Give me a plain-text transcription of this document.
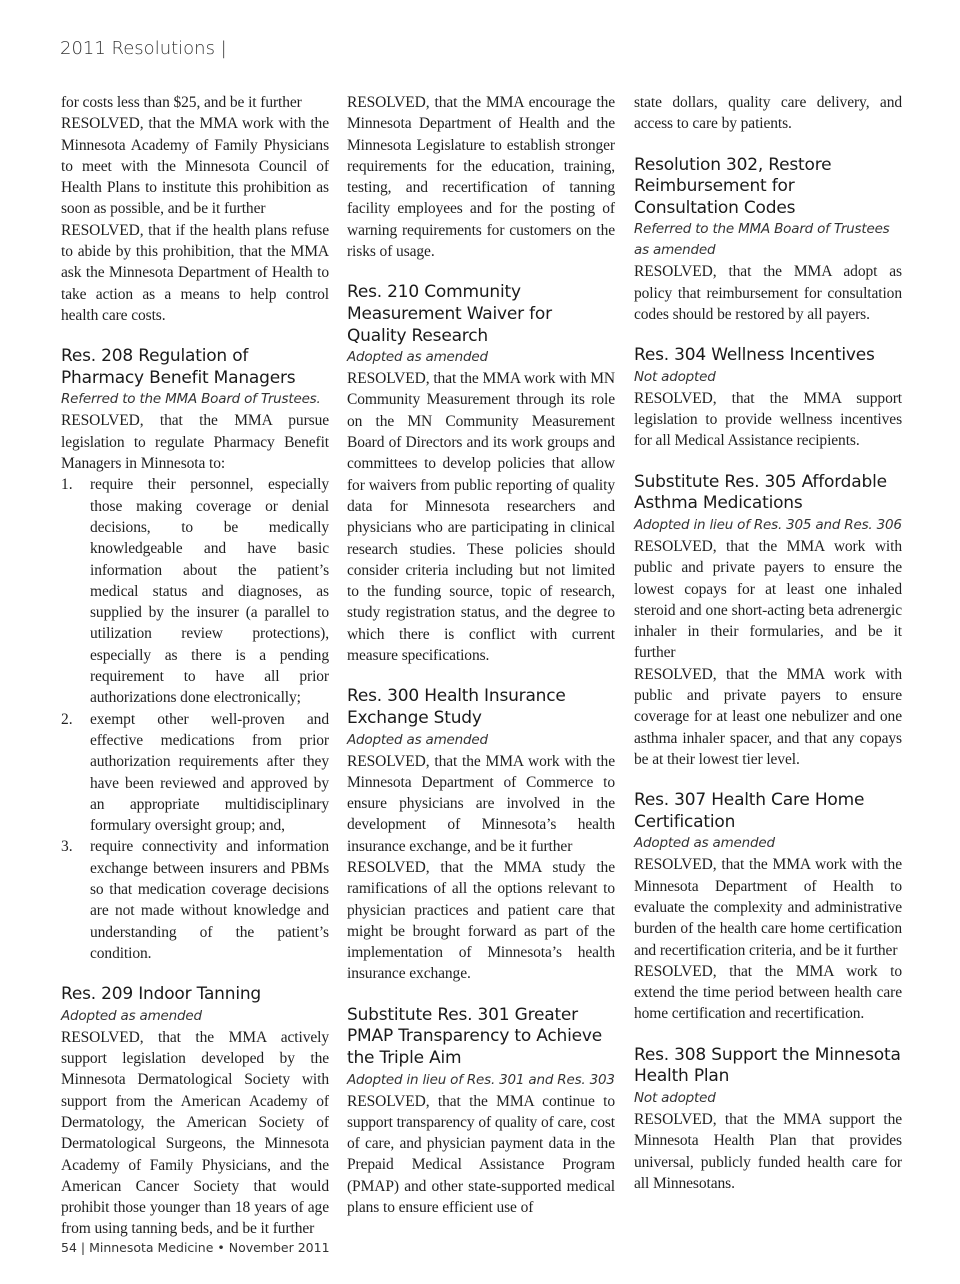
2011 Resolutions |

for costs less than $25, and be it further

RESOLVED, that the MMA work with the Minnesota Academy of Family Physicians to meet with the Minnesota Council of Health Plans to institute this prohibition as soon as possible, and be it further

RESOLVED, that if the health plans refuse to abide by this prohibition, that the MMA ask the Minnesota Department of Health to take action as a means to help control health care costs.

Res. 208 Regulation of Pharmacy Benefit Managers

Referred to the MMA Board of Trustees.

RESOLVED, that the MMA pursue legislation to regulate Pharmacy Benefit Managers in Minnesota to:

1. require their personnel, especially those making coverage or denial decisions, to be medically knowledgeable and have basic information about the patient’s medical status and diagnoses, as supplied by the insurer (a parallel to utilization review protections), especially as there is a pending requirement to have all prior authorizations done electronically;

2. exempt other well-proven and effective medications from prior authorization requirements after they have been reviewed and approved by an appropriate multidisciplinary formulary oversight group; and,

3. require connectivity and information exchange between insurers and PBMs so that medication coverage decisions are not made without knowledge and understanding of the patient’s condition.

Res. 209 Indoor Tanning

Adopted as amended

RESOLVED, that the MMA actively support legislation developed by the Minnesota Dermatological Society with support from the American Academy of Dermatology, the American Society of Dermatological Surgeons, the Minnesota Academy of Family Physicians, and the American Cancer Society that would prohibit those younger than 18 years of age from using tanning beds, and be it further

RESOLVED, that the MMA encourage the Minnesota Department of Health and the Minnesota Legislature to establish stronger requirements for the education, training, testing, and recertification of tanning facility employees and for the posting of warning requirements for customers on the risks of usage.

Res. 210 Community Measurement Waiver for Quality Research

Adopted as amended

RESOLVED, that the MMA work with MN Community Measurement through its role on the MN Community Measurement Board of Directors and its work groups and committees to develop policies that allow for waivers from public reporting of quality data for Minnesota researchers and physicians who are participating in clinical research studies. These policies should consider criteria including but not limited to the funding source, topic of research, study registration status, and the degree to which there is conflict with current measure specifications.

Res. 300 Health Insurance Exchange Study

Adopted as amended

RESOLVED, that the MMA work with the Minnesota Department of Commerce to ensure physicians are involved in the development of Minnesota’s health insurance exchange, and be it further

RESOLVED, that the MMA study the ramifications of all the options relevant to physician practices and patient care that might be brought forward as part of the implementation of Minnesota’s health insurance exchange.

Substitute Res. 301 Greater PMAP Transparency to Achieve the Triple Aim

Adopted in lieu of Res. 301 and Res. 303

RESOLVED, that the MMA continue to support transparency of quality of care, cost of care, and physician payment data in the Prepaid Medical Assistance Program (PMAP) and other state-supported medical plans to ensure efficient use of

state dollars, quality care delivery, and access to care by patients.

Resolution 302, Restore Reimbursement for Consultation Codes

Referred to the MMA Board of Trustees as amended

RESOLVED, that the MMA adopt as policy that reimbursement for consultation codes should be restored by all payers.

Res. 304 Wellness Incentives

Not adopted

RESOLVED, that the MMA support legislation to provide wellness incentives for all Medical Assistance recipients.

Substitute Res. 305 Affordable Asthma Medications

Adopted in lieu of Res. 305 and Res. 306

RESOLVED, that the MMA work with public and private payers to ensure the lowest copays for at least one inhaled steroid and one short-acting beta adrenergic inhaler in their formularies, and be it further

RESOLVED, that the MMA work with public and private payers to ensure coverage for at least one nebulizer and one asthma inhaler spacer, and that any copays be at their lowest tier level.

Res. 307 Health Care Home Certification

Adopted as amended

RESOLVED, that the MMA work with the Minnesota Department of Health to evaluate the complexity and administrative burden of the health care home certification and recertification criteria, and be it further

RESOLVED, that the MMA work to extend the time period between health care home certification and recertification.

Res. 308 Support the Minnesota Health Plan

Not adopted

RESOLVED, that the MMA support the Minnesota Health Plan that provides universal, publicly funded health care for all Minnesotans.

54 | Minnesota Medicine • November 2011
